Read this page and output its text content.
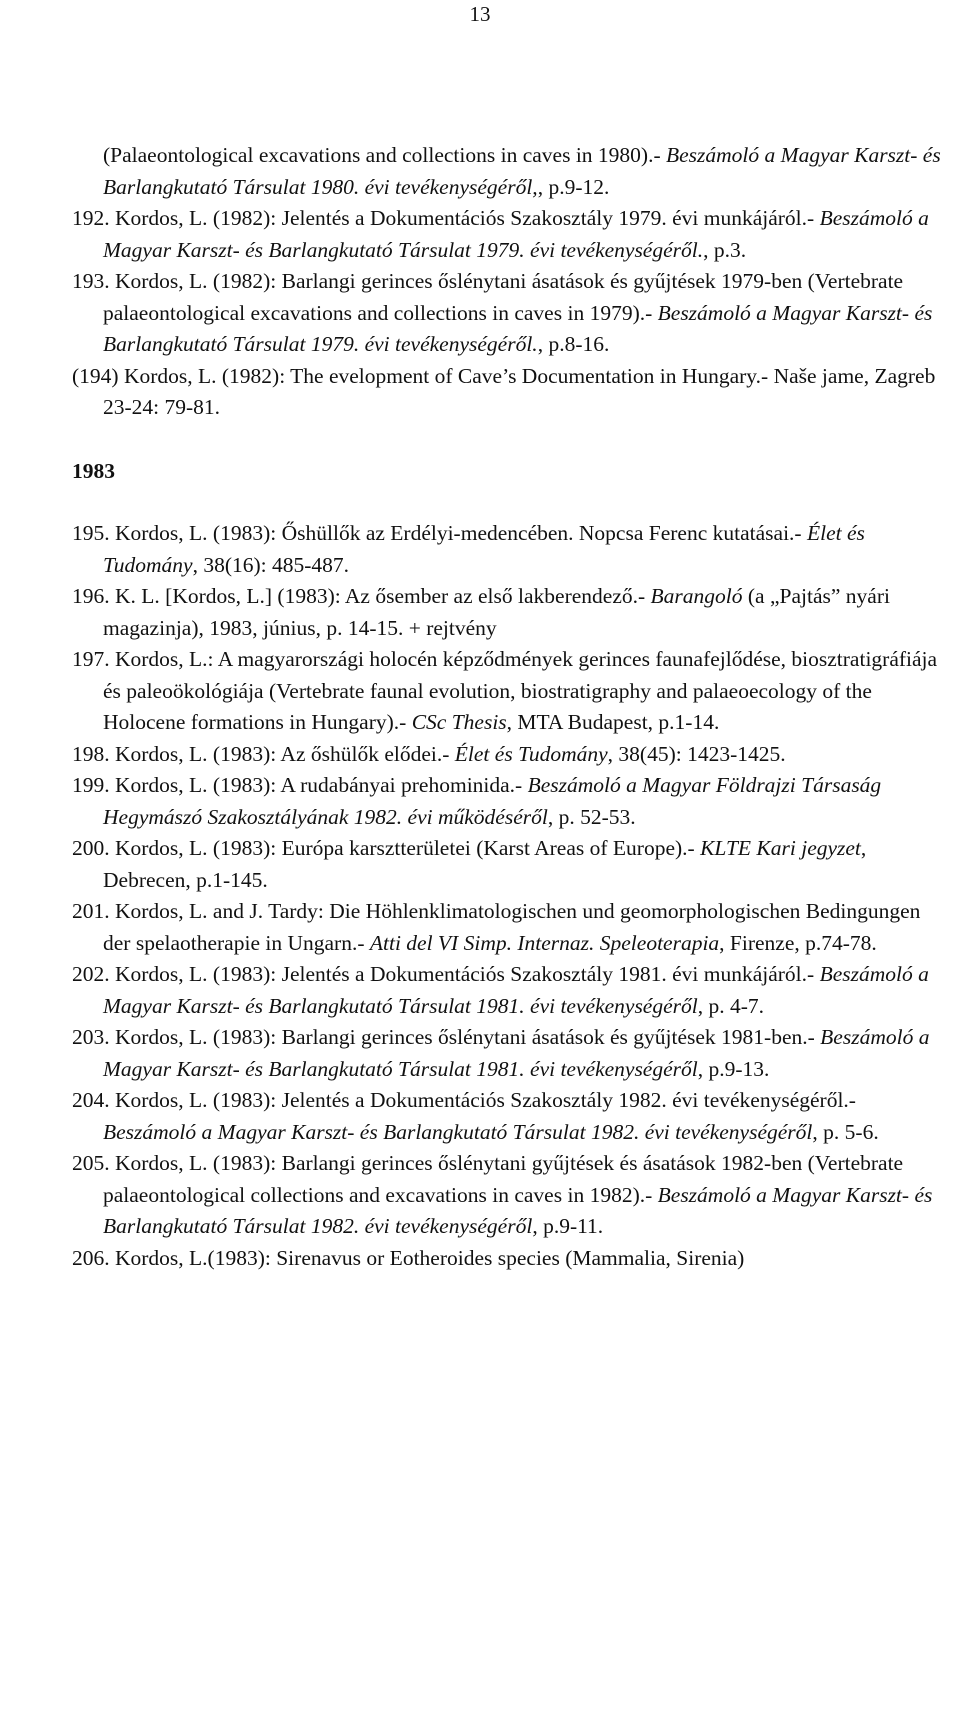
13
(Palaeontological excavations and collections in caves in 1980).- Beszámoló a Magyar Karszt- és Barlangkutató Társulat 1980. évi tevékenységéről,, p.9-12.
192. Kordos, L. (1982): Jelentés a Dokumentációs Szakosztály 1979. évi munkájáról.- Beszámoló a Magyar Karszt- és Barlangkutató Társulat 1979. évi tevékenységéről., p.3.
193. Kordos, L. (1982): Barlangi gerinces őslénytani ásatások és gyűjtések 1979-ben (Vertebrate palaeontological excavations and collections in caves in 1979).- Beszámoló a Magyar Karszt- és Barlangkutató Társulat 1979. évi tevékenységéről., p.8-16.
(194) Kordos, L. (1982): The evelopment of Cave’s Documentation in Hungary.- Naše jame, Zagreb 23-24: 79-81.
1983
195. Kordos, L. (1983): Őshüllők az Erdélyi-medencében. Nopcsa Ferenc kutatásai.- Élet és Tudomány, 38(16): 485-487.
196. K. L. [Kordos, L.] (1983): Az ősember az első lakberendező.- Barangoló (a „Pajtás” nyári magazinja), 1983, június, p. 14-15. + rejtvény
197. Kordos, L.: A magyarországi holocén képződmények gerinces faunafejlődése, biosztratigráfiája és paleoökológiája (Vertebrate faunal evolution, biostratigraphy and palaeoecology of the Holocene formations in Hungary).- CSc Thesis, MTA Budapest, p.1-14.
198. Kordos, L. (1983): Az őshülők elődei.- Élet és Tudomány, 38(45): 1423-1425.
199. Kordos, L. (1983): A rudabányai prehominida.- Beszámoló a Magyar Földrajzi Társaság Hegymászó Szakosztályának 1982. évi működéséről, p. 52-53.
200. Kordos, L. (1983): Európa karsztterületei (Karst Areas of Europe).- KLTE Kari jegyzet, Debrecen, p.1-145.
201. Kordos, L. and J. Tardy: Die Höhlenklimatologischen und geomorphologischen Bedingungen der spelaotherapie in Ungarn.- Atti del VI Simp. Internaz. Speleoterapia, Firenze, p.74-78.
202. Kordos, L. (1983): Jelentés a Dokumentációs Szakosztály 1981. évi munkájáról.- Beszámoló a Magyar Karszt- és Barlangkutató Társulat 1981. évi tevékenységéről, p. 4-7.
203. Kordos, L. (1983): Barlangi gerinces őslénytani ásatások és gyűjtések 1981-ben.- Beszámoló a Magyar Karszt- és Barlangkutató Társulat 1981. évi tevékenységéről, p.9-13.
204. Kordos, L. (1983): Jelentés a Dokumentációs Szakosztály 1982. évi tevékenységéről.- Beszámoló a Magyar Karszt- és Barlangkutató Társulat 1982. évi tevékenységéről, p. 5-6.
205. Kordos, L. (1983): Barlangi gerinces őslénytani gyűjtések és ásatások 1982-ben (Vertebrate palaeontological collections and excavations in caves in 1982).- Beszámoló a Magyar Karszt- és Barlangkutató Társulat 1982. évi tevékenységéről, p.9-11.
206. Kordos, L.(1983): Sirenavus or Eotheroides species (Mammalia, Sirenia)
